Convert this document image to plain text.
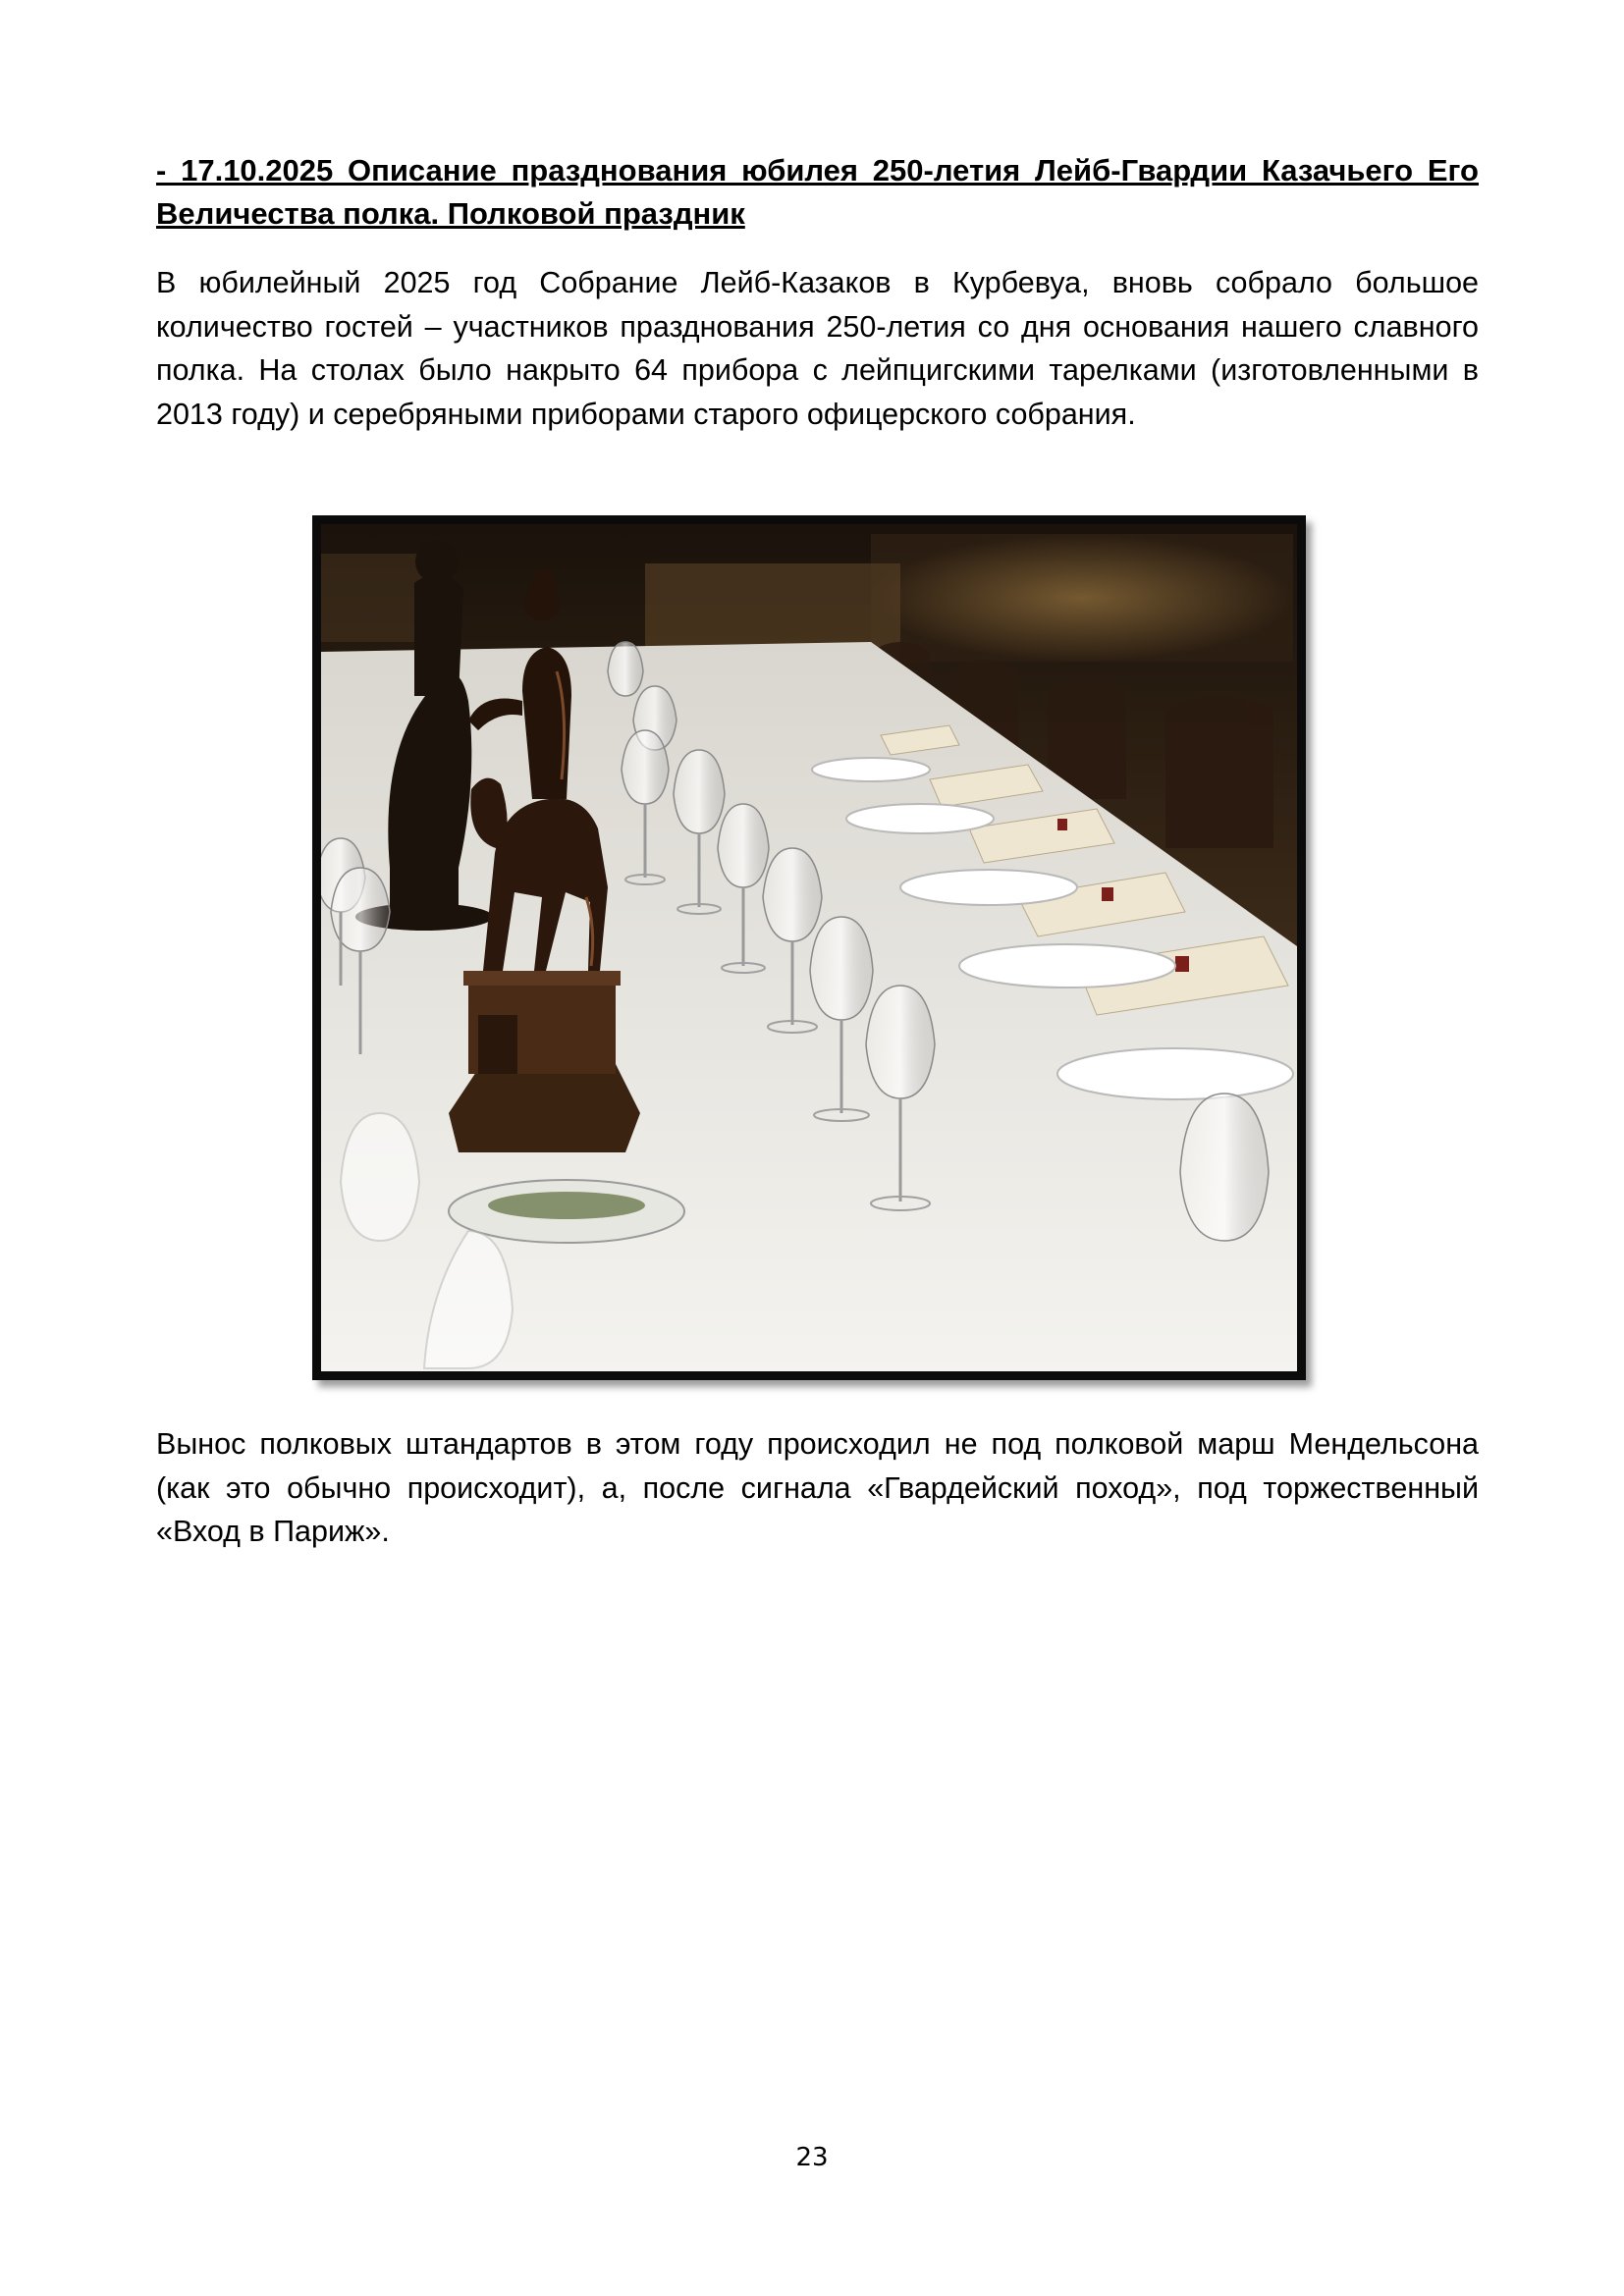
- 17.10.2025 Описание празднования юбилея 250-летия Лейб-Гвардии Казачьего Его Величества полка. Полковой праздник

В юбилейный 2025 год Собрание Лейб-Казаков в Курбевуа, вновь собрало большое количество гостей – участников празднования 250-летия со дня основания нашего славного полка. На столах было накрыто 64 прибора с лейпцигскими тарелками (изготовленными в 2013 году) и серебряными приборами старого офицерского собрания.

Вынос полковых штандартов в этом году происходил не под полковой марш Мендельсона (как это обычно происходит), а, после сигнала «Гвардейский поход», под торжественный «Вход в Париж».

23
